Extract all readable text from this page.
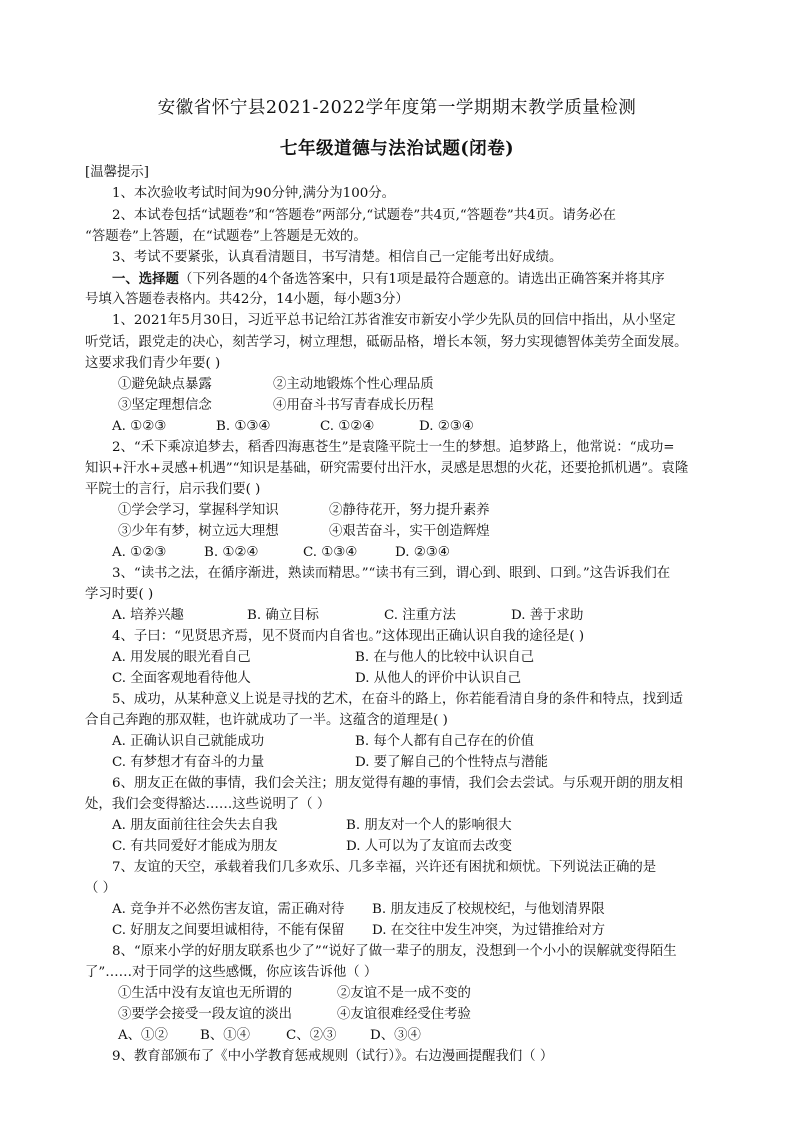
安徽省怀宁县2021-2022学年度第一学期期末教学质量检测
七年级道德与法治试题(闭卷)
[温馨提示]
1、本次验收考试时间为90分钟,满分为100分。
2、本试卷包括“试题卷”和“答题卷”两部分,“试题卷”共4页,“答题卷”共4页。请务必在
“答题卷”上答题，在“试题卷”上答题是无效的。
3、考试不要紧张，认真看清题目，书写清楚。相信自己一定能考出好成绩。
一、选择题（下列各题的4个备选答案中，只有1项是最符合题意的。请选出正确答案并将其序
号填入答题卷表格内。共42分，14小题，每小题3分）
1、2021年5月30日，习近平总书记给江苏省淮安市新安小学少先队员的回信中指出，从小坚定
听党话，跟党走的决心，刻苦学习，树立理想，砥砺品格，增长本领，努力实现德智体美劳全面发展。
这要求我们青少年要( )
①避免缺点暴露	②主动地锻炼个性心理品质
③坚定理想信念	④用奋斗书写青春成长历程
A. ①②③	B. ①③④	C. ①②④	D. ②③④
2、“禾下乘凉追梦去，稻香四海惠苍生”是袁隆平院士一生的梦想。追梦路上，他常说：“成功=
知识+汗水+灵感+机遇”“知识是基础，研究需要付出汗水，灵感是思想的火花，还要抢抓机遇”。袁隆
平院士的言行，启示我们要( )
①学会学习，掌握科学知识	②静待花开，努力提升素养
③少年有梦，树立远大理想	④艰苦奋斗，实干创造辉煌
A. ①②③	B. ①②④	C. ①③④	D. ②③④
3、“读书之法，在循序渐进，熟读而精思。”“读书有三到，谓心到、眼到、口到。”这告诉我们在
学习时要( )
A. 培养兴趣	B. 确立目标	C. 注重方法	D. 善于求助
4、子曰：“见贤思齐焉，见不贤而内自省也。”这体现出正确认识自我的途径是( )
A. 用发展的眼光看自己	B. 在与他人的比较中认识自己
C. 全面客观地看待他人	D. 从他人的评价中认识自己
5、成功，从某种意义上说是寻找的艺术，在奋斗的路上，你若能看清自身的条件和特点，找到适
合自己奔跑的那双鞋，也许就成功了一半。这蕴含的道理是( )
A. 正确认识自己就能成功	B. 每个人都有自己存在的价值
C. 有梦想才有奋斗的力量	D. 要了解自己的个性特点与潜能
6、朋友正在做的事情，我们会关注；朋友觉得有趣的事情，我们会去尝试。与乐观开朗的朋友相
处，我们会变得豁达……这些说明了（ ）
A. 朋友面前往往会失去自我	B. 朋友对一个人的影响很大
C. 有共同爱好才能成为朋友	D. 人可以为了友谊而去改变
7、友谊的天空，承载着我们几多欢乐、几多幸福，兴许还有困扰和烦忧。下列说法正确的是
（ ）
A. 竞争并不必然伤害友谊，需正确对待 B. 朋友违反了校规校纪，与他划清界限
C. 好朋友之间要坦诚相待，不能有保留 D. 在交往中发生冲突，为过错推给对方
8、“原来小学的好朋友联系也少了”“说好了做一辈子的朋友，没想到一个小小的误解就变得陌生
了”……对于同学的这些感慨，你应该告诉他（ ）
①生活中没有友谊也无所谓的	②友谊不是一成不变的
③要学会接受一段友谊的淡出	④友谊很难经受住考验
A、①② B、①④	C、②③	D、③④
9、教育部颁布了《中小学教育惩戒规则（试行）》。右边漫画提醒我们（ ）
